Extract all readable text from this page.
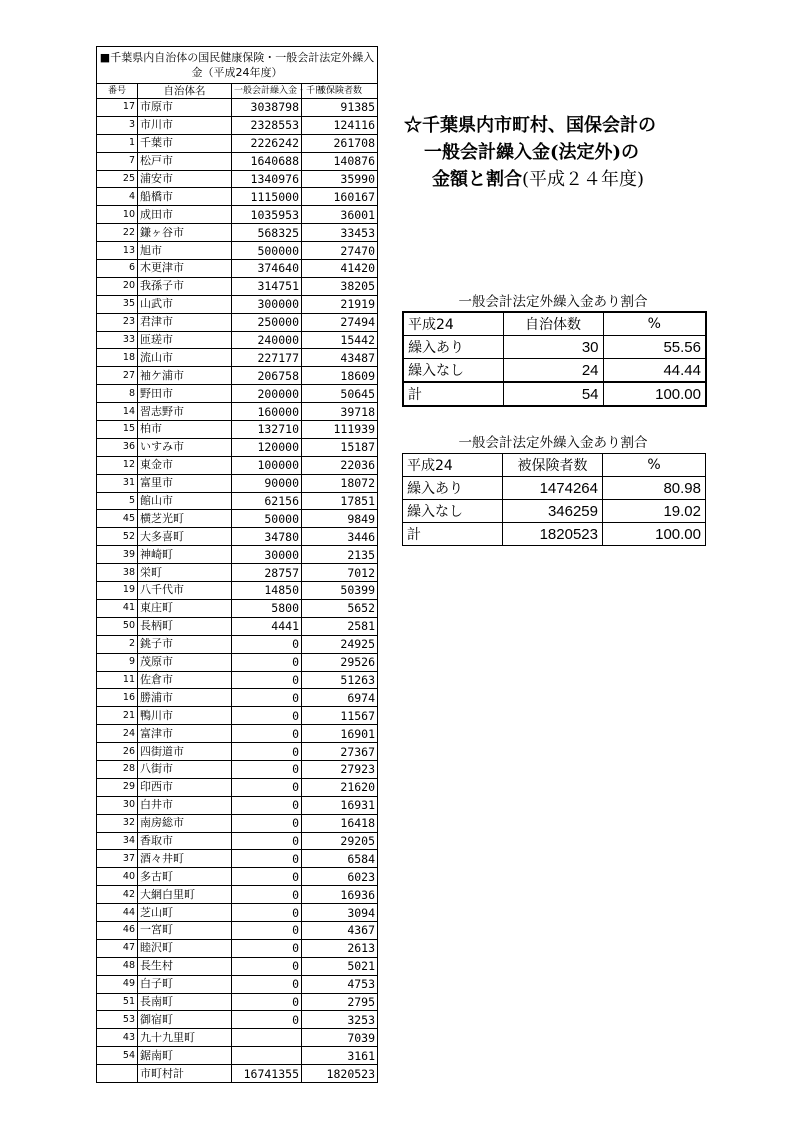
■千葉県内自治体の国民健康保険・一般会計法定外繰入金（平成24年度）			
番号	自治体名	一般会計繰入金・千円	被保険者数
17	市原市	3038798	91385
3	市川市	2328553	124116
1	千葉市	2226242	261708
7	松戸市	1640688	140876
25	浦安市	1340976	35990
4	船橋市	1115000	160167
10	成田市	1035953	36001
22	鎌ヶ谷市	568325	33453
13	旭市	500000	27470
6	木更津市	374640	41420
20	我孫子市	314751	38205
35	山武市	300000	21919
23	君津市	250000	27494
33	匝瑳市	240000	15442
18	流山市	227177	43487
27	袖ケ浦市	206758	18609
8	野田市	200000	50645
14	習志野市	160000	39718
15	柏市	132710	111939
36	いすみ市	120000	15187
12	東金市	100000	22036
31	富里市	90000	18072
5	館山市	62156	17851
45	横芝光町	50000	9849
52	大多喜町	34780	3446
39	神崎町	30000	2135
38	栄町	28757	7012
19	八千代市	14850	50399
41	東庄町	5800	5652
50	長柄町	4441	2581
2	銚子市	0	24925
9	茂原市	0	29526
11	佐倉市	0	51263
16	勝浦市	0	6974
21	鴨川市	0	11567
24	富津市	0	16901
26	四街道市	0	27367
28	八街市	0	27923
29	印西市	0	21620
30	白井市	0	16931
32	南房総市	0	16418
34	香取市	0	29205
37	酒々井町	0	6584
40	多古町	0	6023
42	大網白里町	0	16936
44	芝山町	0	3094
46	一宮町	0	4367
47	睦沢町	0	2613
48	長生村	0	5021
49	白子町	0	4753
51	長南町	0	2795
53	御宿町	0	3253
43	九十九里町		7039
54	鋸南町		3161
	市町村計	16741355	1820523
☆千葉県内市町村、国保会計の
一般会計繰入金(法定外)の
金額と割合(平成２４年度)
一般会計法定外繰入金あり割合
平成24	自治体数	%
繰入あり	30	55.56
繰入なし	24	44.44
計	54	100.00
一般会計法定外繰入金あり割合
平成24	被保険者数	%
繰入あり	1474264	80.98
繰入なし	346259	19.02
計	1820523	100.00
